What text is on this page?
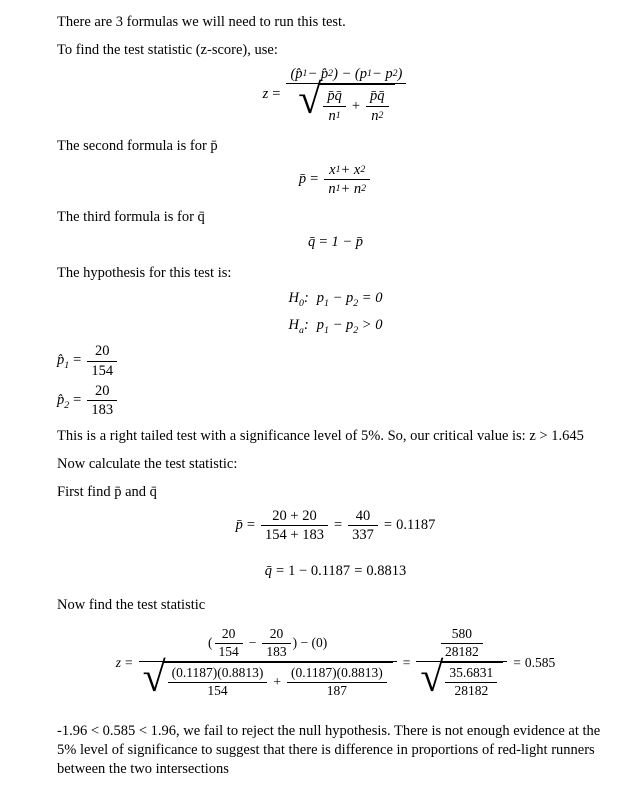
There are 3 formulas we will need to run this test.

To find the test statistic (z-score), use:

z =
(p̂ 1 − p̂ 2 ) − (p 1 − p 2 )
√ $\frac{p̄q̄}{n 1} + \frac{p̄q̄}{n 2}$

The second formula is for p̄

p̄ = $\frac{x 1 + x 2}{n 1 + n 2}$

The third formula is for q̄

q̄ = 1 − p̄

The hypothesis for this test is:

$H_0$: $p_1 - p_2 = 0$
$H_a$: $p_1 - p_2 > 0$
$p̂_1 = \frac{20}{154}$
$p̂_2 = \frac{20}{183}$

This is a right tailed test with a significance level of 5%. So, our critical value is: z > 1.645

Now calculate the test statistic:

First find p̄ and q̄

p̄ = $\frac{20 + 20}{154 + 183} = \frac{40}{337} = 0.1187$
q̄ = 1 − 0.1187 = 0.8813

Now find the test statistic

z =
( $\frac{20}{154} - \frac{20}{183}$ ) − (0)
√ $\frac{(0.1187)(0.8813)}{154} + \frac{(0.1187)(0.8813)}{187}$
=
$\frac{580}{28182}$
√ $\frac{35.6831}{28182}$
= 0.585

-1.96 < 0.585 < 1.96, we fail to reject the null hypothesis. There is not enough evidence at the 5% level of significance to suggest that there is difference in proportions of red-light runners between the two intersections
